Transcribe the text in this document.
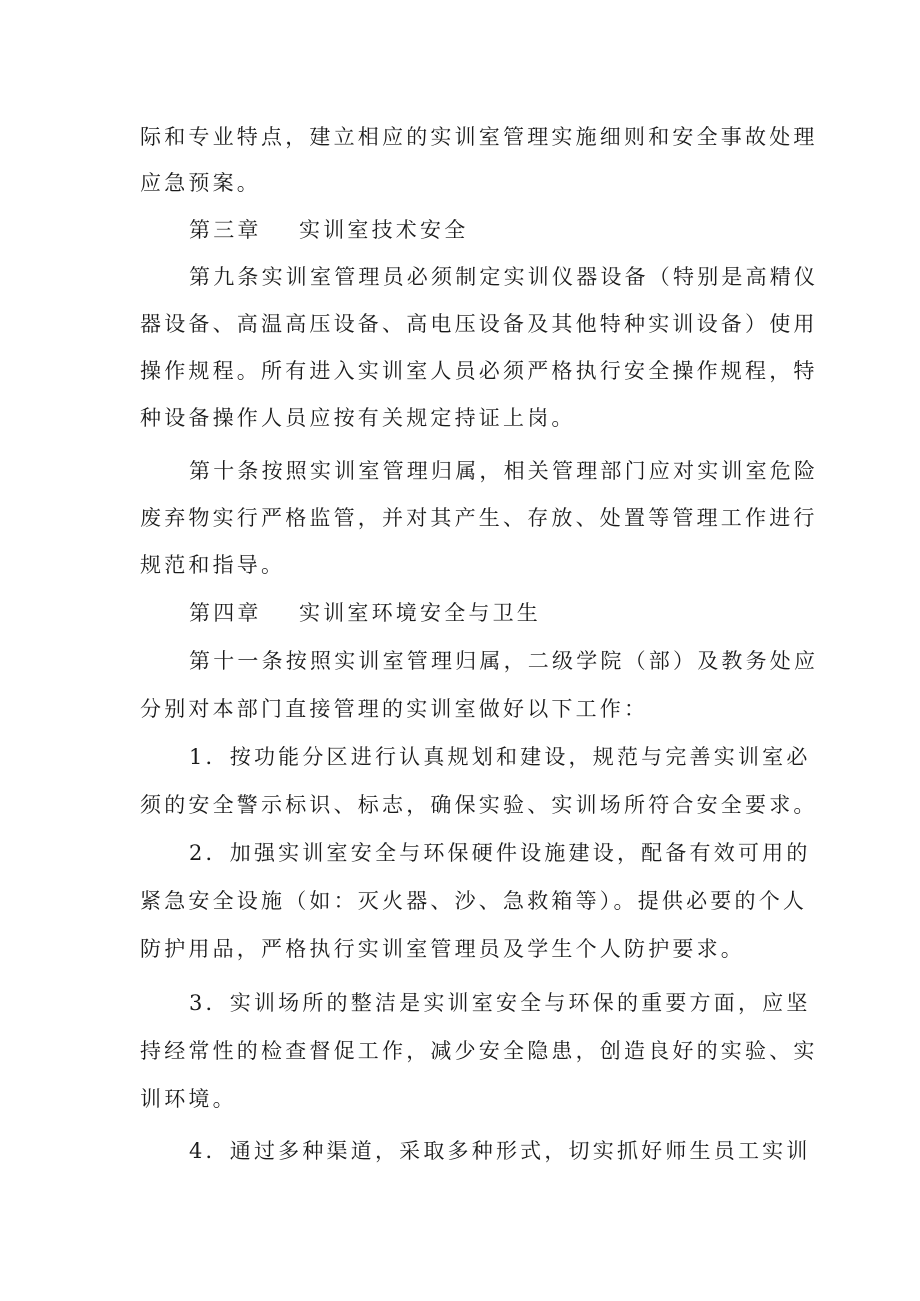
际和专业特点，建立相应的实训室管理实施细则和安全事故处理
应急预案。
第三章 实训室技术安全
第九条实训室管理员必须制定实训仪器设备（特别是高精仪
器设备、高温高压设备、高电压设备及其他特种实训设备）使用
操作规程。所有进入实训室人员必须严格执行安全操作规程，特
种设备操作人员应按有关规定持证上岗。
第十条按照实训室管理归属，相关管理部门应对实训室危险
废弃物实行严格监管，并对其产生、存放、处置等管理工作进行
规范和指导。
第四章 实训室环境安全与卫生
第十一条按照实训室管理归属，二级学院（部）及教务处应
分别对本部门直接管理的实训室做好以下工作：
1．按功能分区进行认真规划和建设，规范与完善实训室必
须的安全警示标识、标志，确保实验、实训场所符合安全要求。
2．加强实训室安全与环保硬件设施建设，配备有效可用的
紧急安全设施（如：灭火器、沙、急救箱等）。提供必要的个人
防护用品，严格执行实训室管理员及学生个人防护要求。
3．实训场所的整洁是实训室安全与环保的重要方面，应坚
持经常性的检查督促工作，减少安全隐患，创造良好的实验、实
训环境。
4．通过多种渠道，采取多种形式，切实抓好师生员工实训
